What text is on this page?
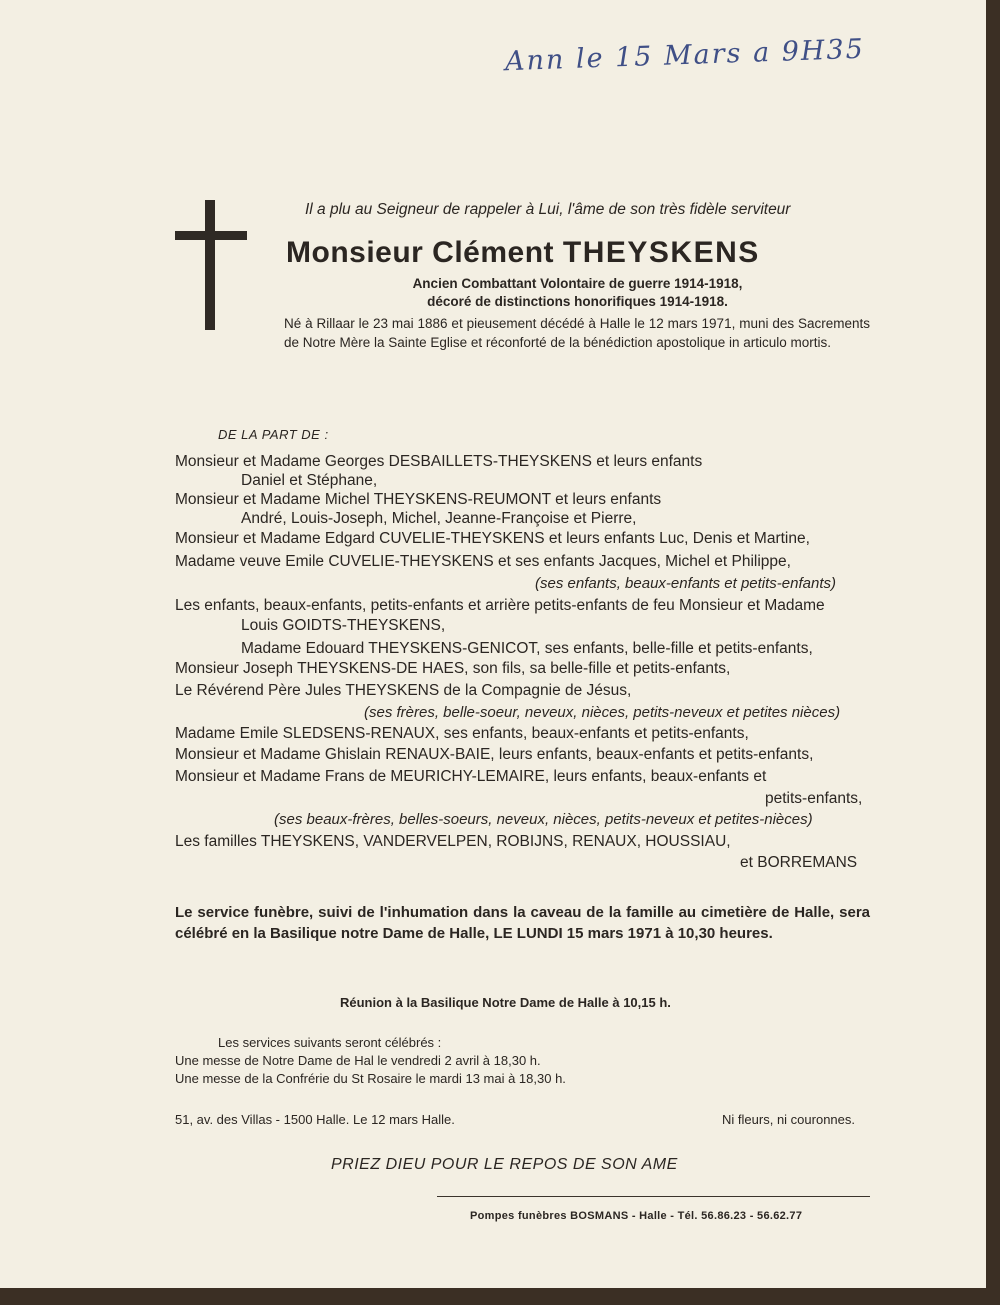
Ann le 15 Mars a 9H35
Il a plu au Seigneur de rappeler à Lui, l'âme de son très fidèle serviteur
Monsieur Clément THEYSKENS
Ancien Combattant Volontaire de guerre 1914-1918,
décoré de distinctions honorifiques 1914-1918.
Né à Rillaar le 23 mai 1886 et pieusement décédé à Halle le 12 mars 1971, muni des Sacrements de Notre Mère la Sainte Eglise et réconforté de la bénédiction apostolique in articulo mortis.
DE LA PART DE :
Monsieur et Madame Georges DESBAILLETS-THEYSKENS et leurs enfants
Daniel et Stéphane,
Monsieur et Madame Michel THEYSKENS-REUMONT et leurs enfants
André, Louis-Joseph, Michel, Jeanne-Françoise et Pierre,
Monsieur et Madame Edgard CUVELIE-THEYSKENS et leurs enfants Luc, Denis et Martine,
Madame veuve Emile CUVELIE-THEYSKENS et ses enfants Jacques, Michel et Philippe,
(ses enfants, beaux-enfants et petits-enfants)
Les enfants, beaux-enfants, petits-enfants et arrière petits-enfants de feu Monsieur et Madame
Louis GOIDTS-THEYSKENS,
Madame Edouard THEYSKENS-GENICOT, ses enfants, belle-fille et petits-enfants,
Monsieur Joseph THEYSKENS-DE HAES, son fils, sa belle-fille et petits-enfants,
Le Révérend Père Jules THEYSKENS de la Compagnie de Jésus,
(ses frères, belle-soeur, neveux, nièces, petits-neveux et petites nièces)
Madame Emile SLEDSENS-RENAUX, ses enfants, beaux-enfants et petits-enfants,
Monsieur et Madame Ghislain RENAUX-BAIE, leurs enfants, beaux-enfants et petits-enfants,
Monsieur et Madame Frans de MEURICHY-LEMAIRE, leurs enfants, beaux-enfants et
petits-enfants,
(ses beaux-frères, belles-soeurs, neveux, nièces, petits-neveux et petites-nièces)
Les familles THEYSKENS, VANDERVELPEN, ROBIJNS, RENAUX, HOUSSIAU,
et BORREMANS
Le service funèbre, suivi de l'inhumation dans la caveau de la famille au cimetière de Halle, sera célébré en la Basilique notre Dame de Halle, LE LUNDI 15 mars 1971 à 10,30 heures.
Réunion à la Basilique Notre Dame de Halle à 10,15 h.
Les services suivants seront célébrés :
Une messe de Notre Dame de Hal le vendredi 2 avril à 18,30 h.
Une messe de la Confrérie du St Rosaire le mardi 13 mai à 18,30 h.
51, av. des Villas - 1500 Halle. Le 12 mars Halle.	Ni fleurs, ni couronnes.
PRIEZ DIEU POUR LE REPOS DE SON AME
Pompes funèbres BOSMANS - Halle - Tél. 56.86.23 - 56.62.77
